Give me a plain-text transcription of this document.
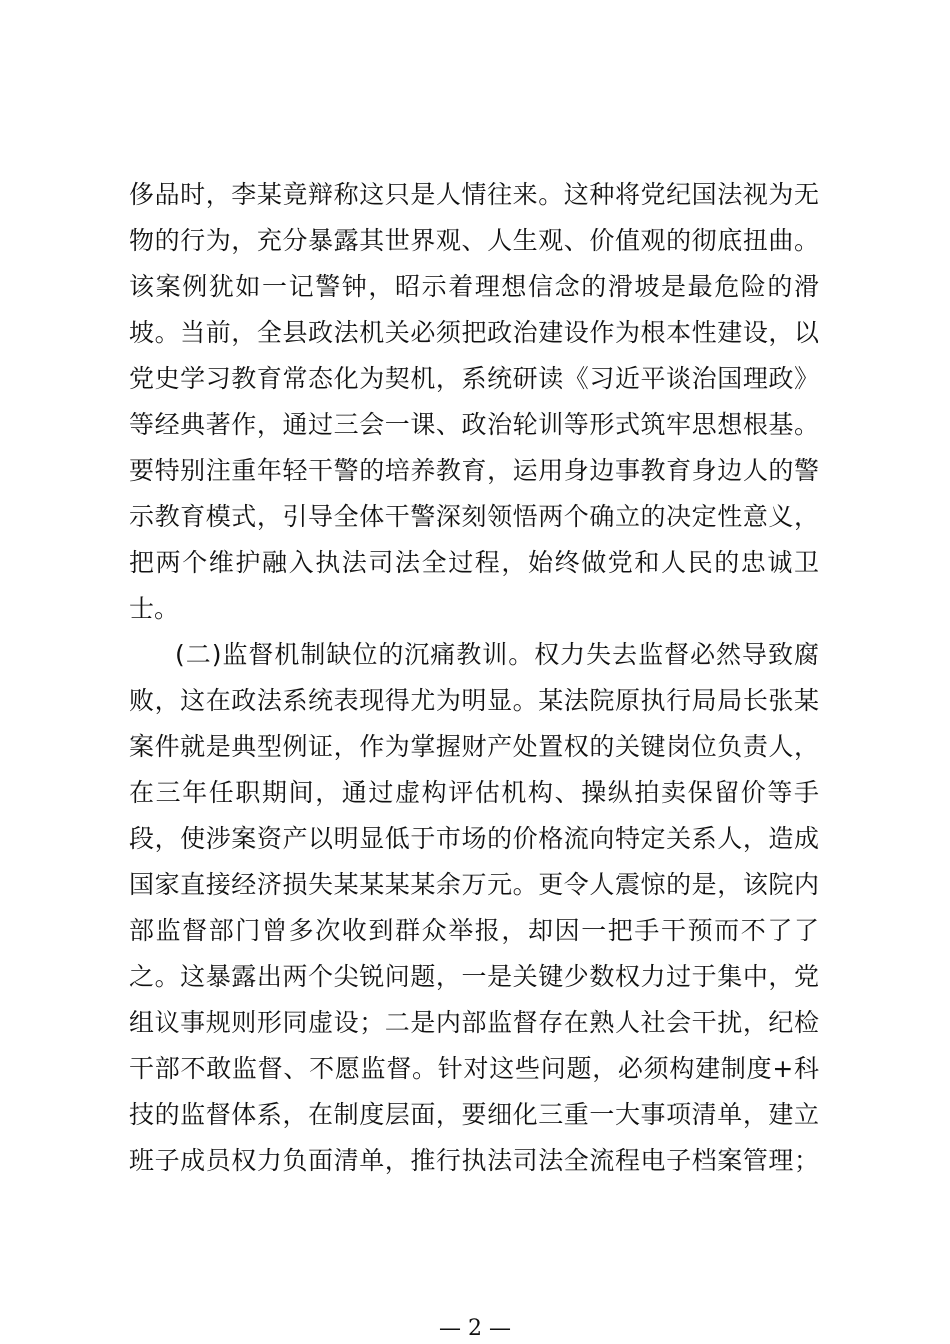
侈品时，李某竟辩称这只是人情往来。这种将党纪国法视为无
物的行为，充分暴露其世界观、人生观、价值观的彻底扭曲。
该案例犹如一记警钟，昭示着理想信念的滑坡是最危险的滑
坡。当前，全县政法机关必须把政治建设作为根本性建设，以
党史学习教育常态化为契机，系统研读《习近平谈治国理政》
等经典著作，通过三会一课、政治轮训等形式筑牢思想根基。
要特别注重年轻干警的培养教育，运用身边事教育身边人的警
示教育模式，引导全体干警深刻领悟两个确立的决定性意义，
把两个维护融入执法司法全过程，始终做党和人民的忠诚卫
士。
(二)监督机制缺位的沉痛教训。权力失去监督必然导致腐
败，这在政法系统表现得尤为明显。某法院原执行局局长张某
案件就是典型例证，作为掌握财产处置权的关键岗位负责人，
在三年任职期间，通过虚构评估机构、操纵拍卖保留价等手
段，使涉案资产以明显低于市场的价格流向特定关系人，造成
国家直接经济损失某某某某余万元。更令人震惊的是，该院内
部监督部门曾多次收到群众举报，却因一把手干预而不了了
之。这暴露出两个尖锐问题，一是关键少数权力过于集中，党
组议事规则形同虚设；二是内部监督存在熟人社会干扰，纪检
干部不敢监督、不愿监督。针对这些问题，必须构建制度+科
技的监督体系，在制度层面，要细化三重一大事项清单，建立
班子成员权力负面清单，推行执法司法全流程电子档案管理；
— 2 —
